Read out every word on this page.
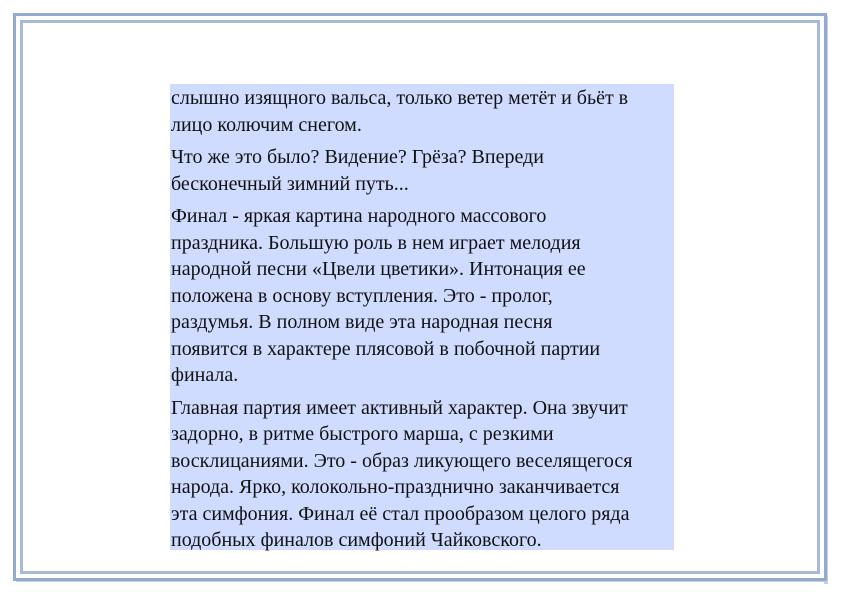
слышно изящного вальса, только ветер метёт и бьёт в
лицо колючим снегом.

Что же это было? Видение? Грёза? Впереди
бесконечный зимний путь...

Финал - яркая картина народного массового
праздника. Большую роль в нем играет мелодия
народной песни «Цвели цветики». Интонация ее
положена в основу вступления. Это - пролог,
раздумья. В полном виде эта народная песня
появится в характере плясовой в побочной партии
финала.

Главная партия имеет активный характер. Она звучит
задорно, в ритме быстрого марша, с резкими
восклицаниями. Это - образ ликующего веселящегося
народа. Ярко, колокольно-празднично заканчивается
эта симфония. Финал её стал прообразом целого ряда
подобных финалов симфоний Чайковского.
